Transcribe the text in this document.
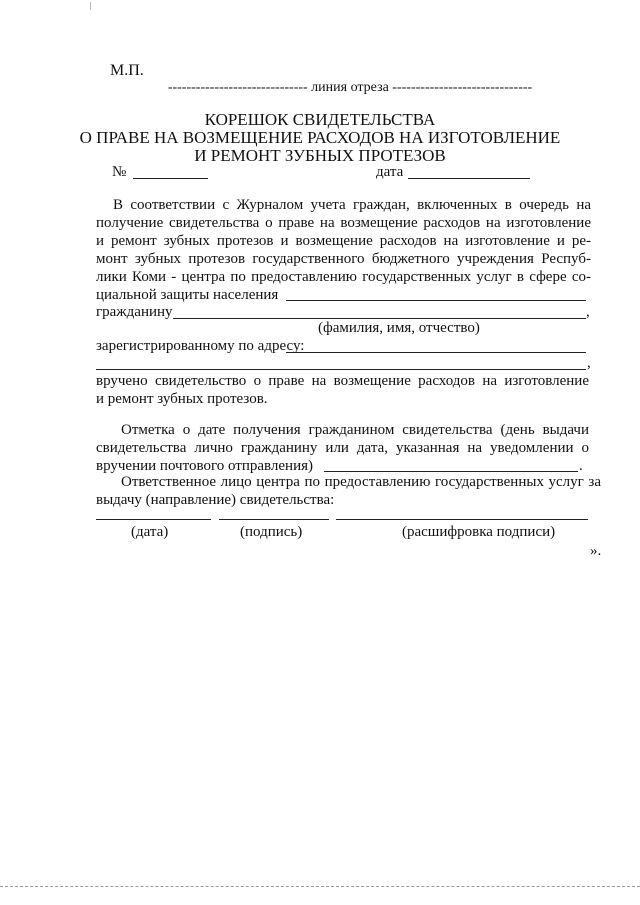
М.П.
------------------------------ линия отреза ------------------------------
КОРЕШОК СВИДЕТЕЛЬСТВА
О ПРАВЕ НА ВОЗМЕЩЕНИЕ РАСХОДОВ НА ИЗГОТОВЛЕНИЕ
И РЕМОНТ ЗУБНЫХ ПРОТЕЗОВ
№	дата
В соответствии с Журналом учета граждан, включенных в очередь на
получение свидетельства о праве на возмещение расходов на изготовление
и ремонт зубных протезов и возмещение расходов на изготовление и ре-
монт зубных протезов государственного бюджетного учреждения Респуб-
лики Коми - центра по предоставлению государственных услуг в сфере со-
циальной защиты населения
гражданину	,
(фамилия, имя, отчество)
зарегистрированному по адресу:
,
вручено свидетельство о праве на возмещение расходов на изготовление
и ремонт зубных протезов.
Отметка о дате получения гражданином свидетельства (день выдачи
свидетельства лично гражданину или дата, указанная на уведомлении о
вручении почтового отправления)	.
Ответственное лицо центра по предоставлению государственных услуг за
выдачу (направление) свидетельства:
(дата)	(подпись)	(расшифровка подписи)
».
